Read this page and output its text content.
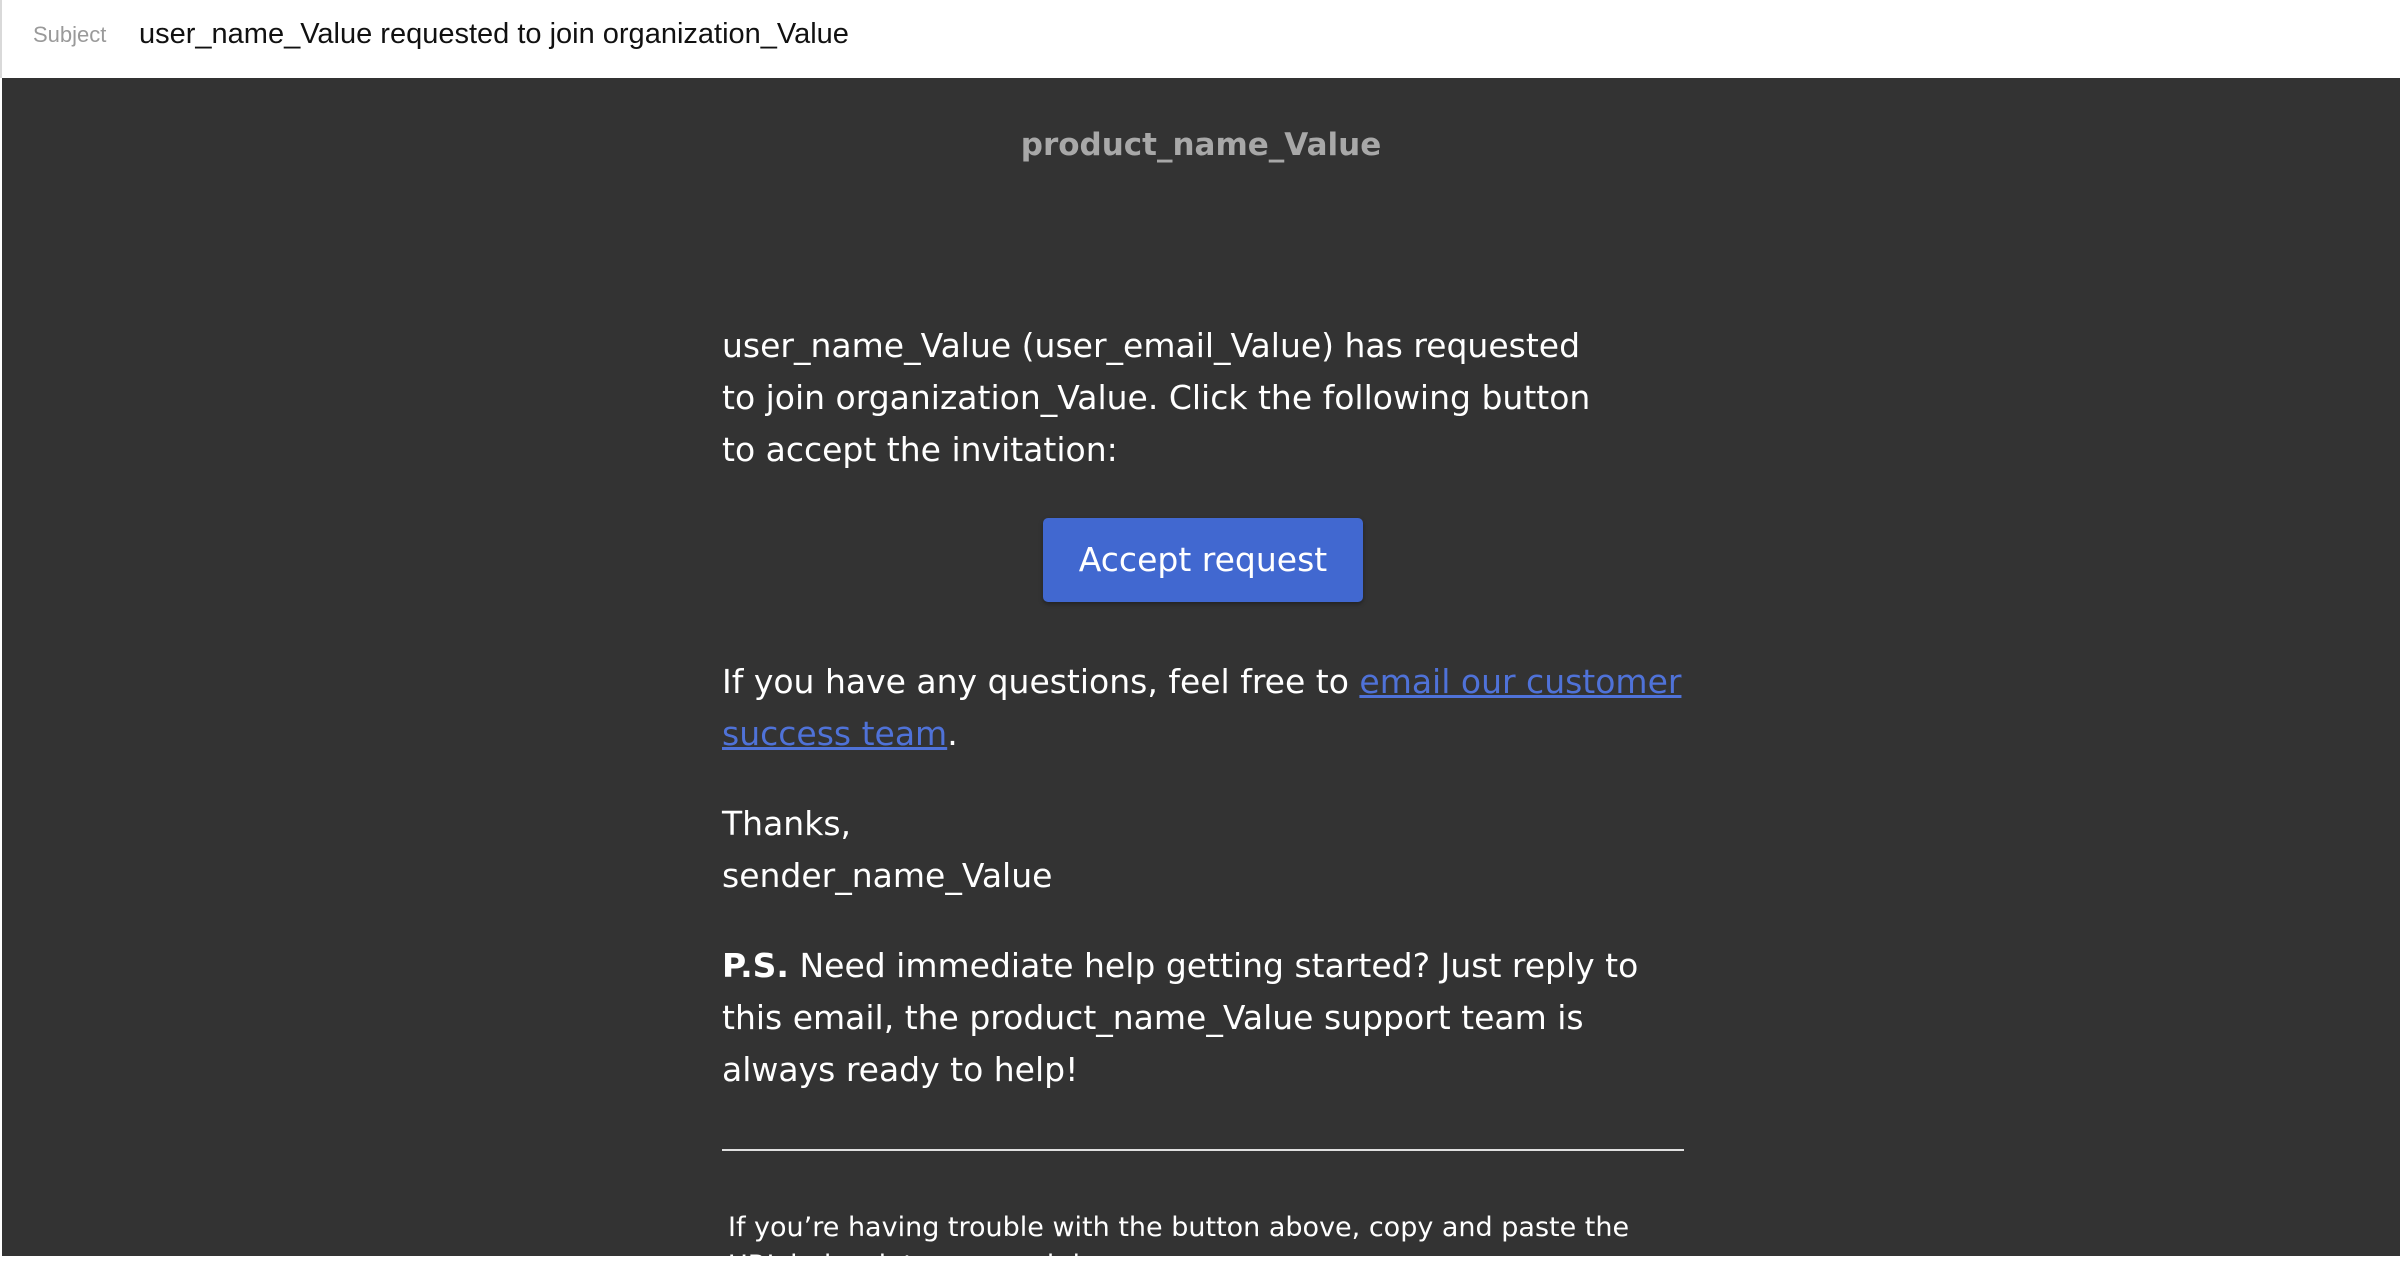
Subject user_name_Value requested to join organization_Value
product_name_Value

user_name_Value (user_email_Value) has requested to join organization_Value. Click the following button to accept the invitation:

Accept request

If you have any questions, feel free to email our customer success team.

Thanks,
sender_name_Value

P.S. Need immediate help getting started? Just reply to this email, the product_name_Value support team is always ready to help!

If you’re having trouble with the button above, copy and paste the URL below into your web browser.
